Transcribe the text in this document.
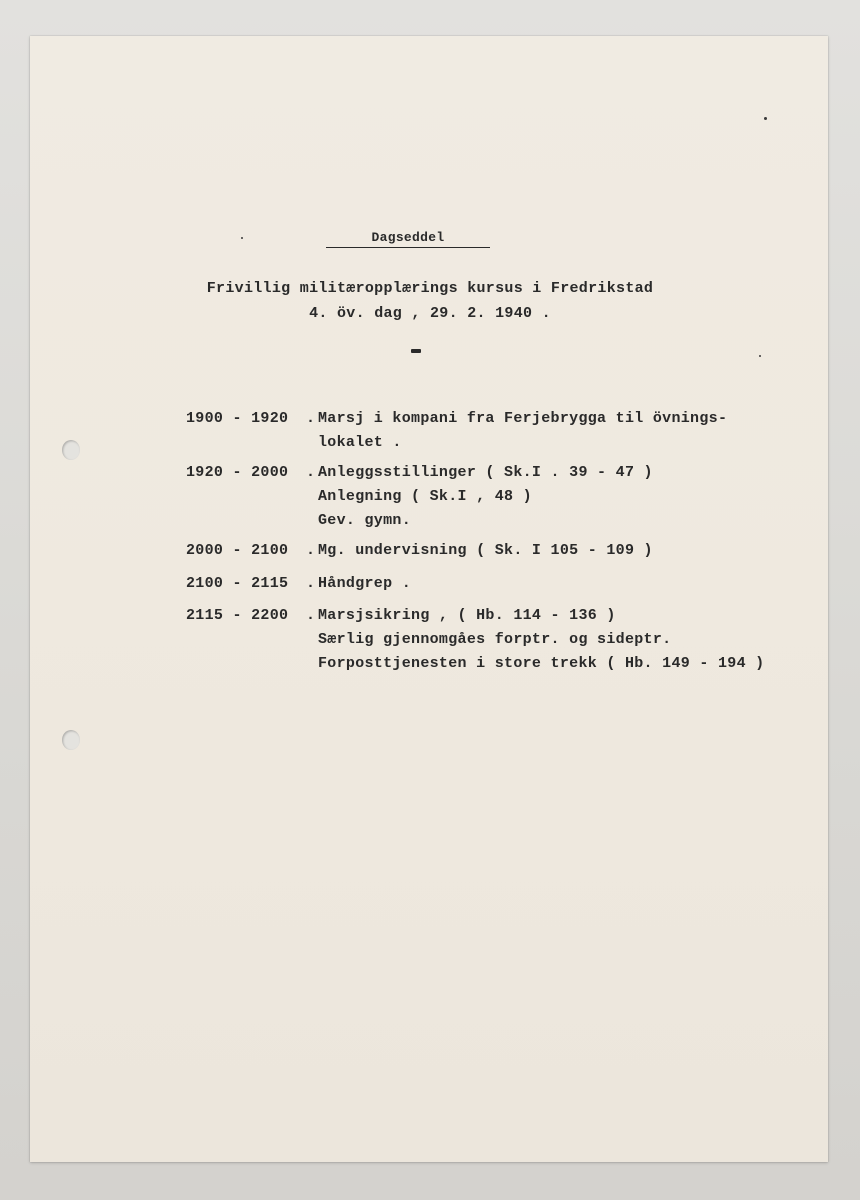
Dagseddel
Frivillig militæropplærings kursus i Fredrikstad
4. öv. dag , 29. 2. 1940 .
1900 - 1920 . Marsj i kompani fra Ferjebrygga til övnings-
lokalet .
1920 - 2000 . Anleggsstillinger ( Sk.I . 39 - 47 )
Anlegning ( Sk.I , 48 )
Gev. gymn.
2000 - 2100 . Mg. undervisning ( Sk. I 105 - 109 )
2100 - 2115 . Håndgrep .
2115 - 2200 . Marsjsikring , ( Hb. 114 - 136 )
Særlig gjennomgåes forptr. og sideptr.
Forposttjenesten i store trekk ( Hb. 149 - 194 )
